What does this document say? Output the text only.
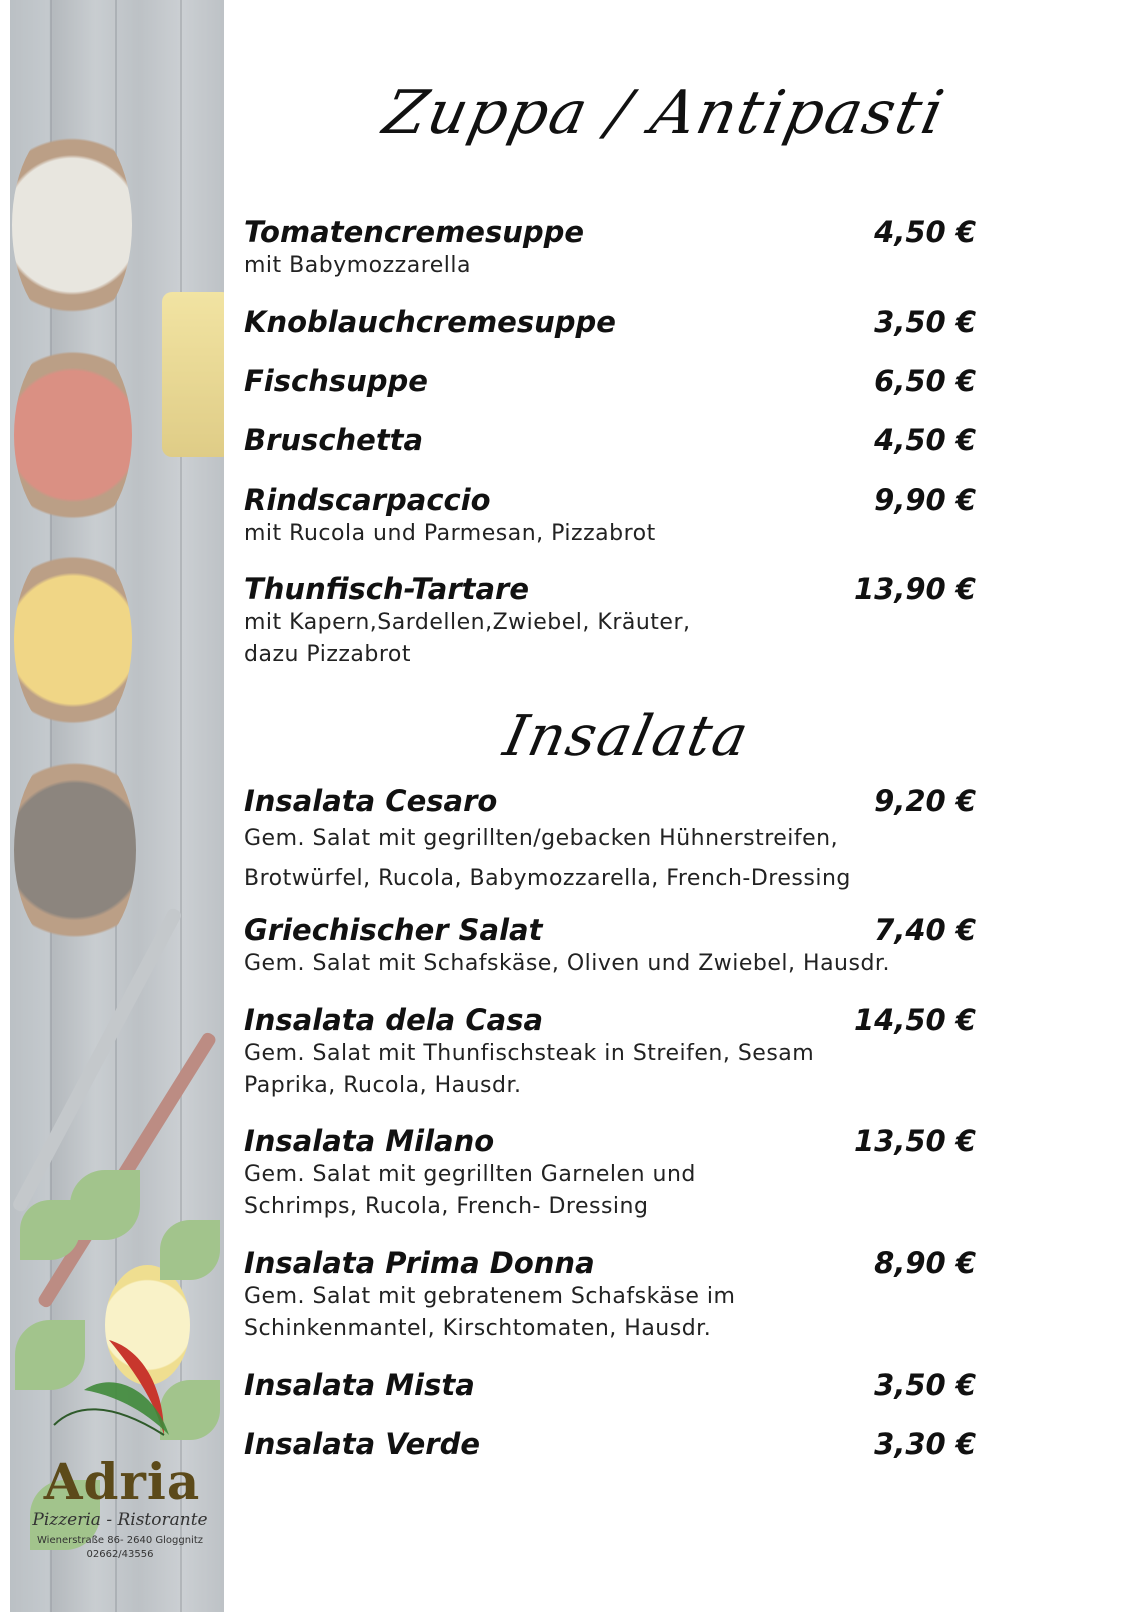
Adria
Pizzeria - Ristorante
Wienerstraße 86- 2640 Gloggnitz
02662/43556
Zuppa / Antipasti
Tomatencremesuppe	4,50 €
mit Babymozzarella
Knoblauchcremesuppe	3,50 €
Fischsuppe	6,50 €
Bruschetta	4,50 €
Rindscarpaccio	9,90 €
mit Rucola und Parmesan, Pizzabrot
Thunfisch-Tartare	13,90 €
mit Kapern,Sardellen,Zwiebel, Kräuter,
dazu Pizzabrot
Insalata
Insalata Cesaro	9,20 €
Gem. Salat mit gegrillten/gebacken Hühnerstreifen,
Brotwürfel, Rucola, Babymozzarella, French-Dressing
Griechischer Salat	7,40 €
Gem. Salat mit Schafskäse, Oliven und Zwiebel, Hausdr.
Insalata dela Casa	14,50 €
Gem. Salat mit Thunfischsteak in Streifen, Sesam
Paprika, Rucola, Hausdr.
Insalata Milano	13,50 €
Gem. Salat mit gegrillten Garnelen und
Schrimps, Rucola, French- Dressing
Insalata Prima Donna	8,90 €
Gem. Salat mit gebratenem Schafskäse im
Schinkenmantel, Kirschtomaten, Hausdr.
Insalata Mista	3,50 €
Insalata Verde	3,30 €
